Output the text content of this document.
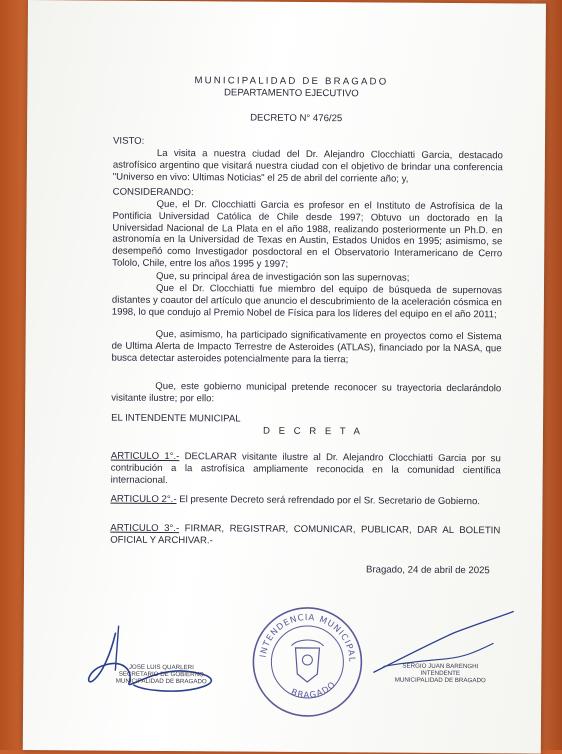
MUNICIPALIDAD DE BRAGADO
DEPARTAMENTO EJECUTIVO
DECRETO N° 476/25
VISTO:
La visita a nuestra ciudad del Dr. Alejandro Clocchiatti Garcia, destacado astrofísico argentino que visitará nuestra ciudad con el objetivo de brindar una conferencia "Universo en vivo: Ultimas Noticias" el 25 de abril del corriente año; y,
CONSIDERANDO:
Que, el Dr. Clocchiatti Garcia es profesor en el Instituto de Astrofísica de la Pontificia Universidad Católica de Chile desde 1997; Obtuvo un doctorado en la Universidad Nacional de La Plata en el año 1988, realizando posteriormente un Ph.D. en astronomía en la Universidad de Texas en Austin, Estados Unidos en 1995; asimismo, se desempeñó como Investigador posdoctoral en el Observatorio Interamericano de Cerro Tololo, Chile, entre los años 1995 y 1997;
Que, su principal área de investigación son las supernovas;
Que el Dr. Clocchiatti fue miembro del equipo de búsqueda de supernovas distantes y coautor del artículo que anuncio el descubrimiento de la aceleración cósmica en 1998, lo que condujo al Premio Nobel de Física para los líderes del equipo en el año 2011;
Que, asimismo, ha participado significativamente en proyectos como el Sistema de Ultima Alerta de Impacto Terrestre de Asteroides (ATLAS), financiado por la NASA, que busca detectar asteroides potencialmente para la tierra;
Que, este gobierno municipal pretende reconocer su trayectoria declarándolo visitante ilustre; por ello:
EL INTENDENTE MUNICIPAL
D E C R E T A
ARTICULO 1°.- DECLARAR visitante ilustre al Dr. Alejandro Clocchiatti Garcia por su contribución a la astrofísica ampliamente reconocida en la comunidad científica internacional.
ARTICULO 2°.- El presente Decreto será refrendado por el Sr. Secretario de Gobierno.
ARTICULO 3°.- FIRMAR, REGISTRAR, COMUNICAR, PUBLICAR, DAR AL BOLETIN OFICIAL Y ARCHIVAR.-
Bragado, 24 de abril de 2025
JOSE LUIS QUARLERI
SECRETARIO DE GOBIERNO
MUNICIPALIDAD DE BRAGADO
INTENDENCIA MUNICIPAL
BRAGADO
SERGIO JUAN BARENGHI
INTENDENTE
MUNICIPALIDAD DE BRAGADO
